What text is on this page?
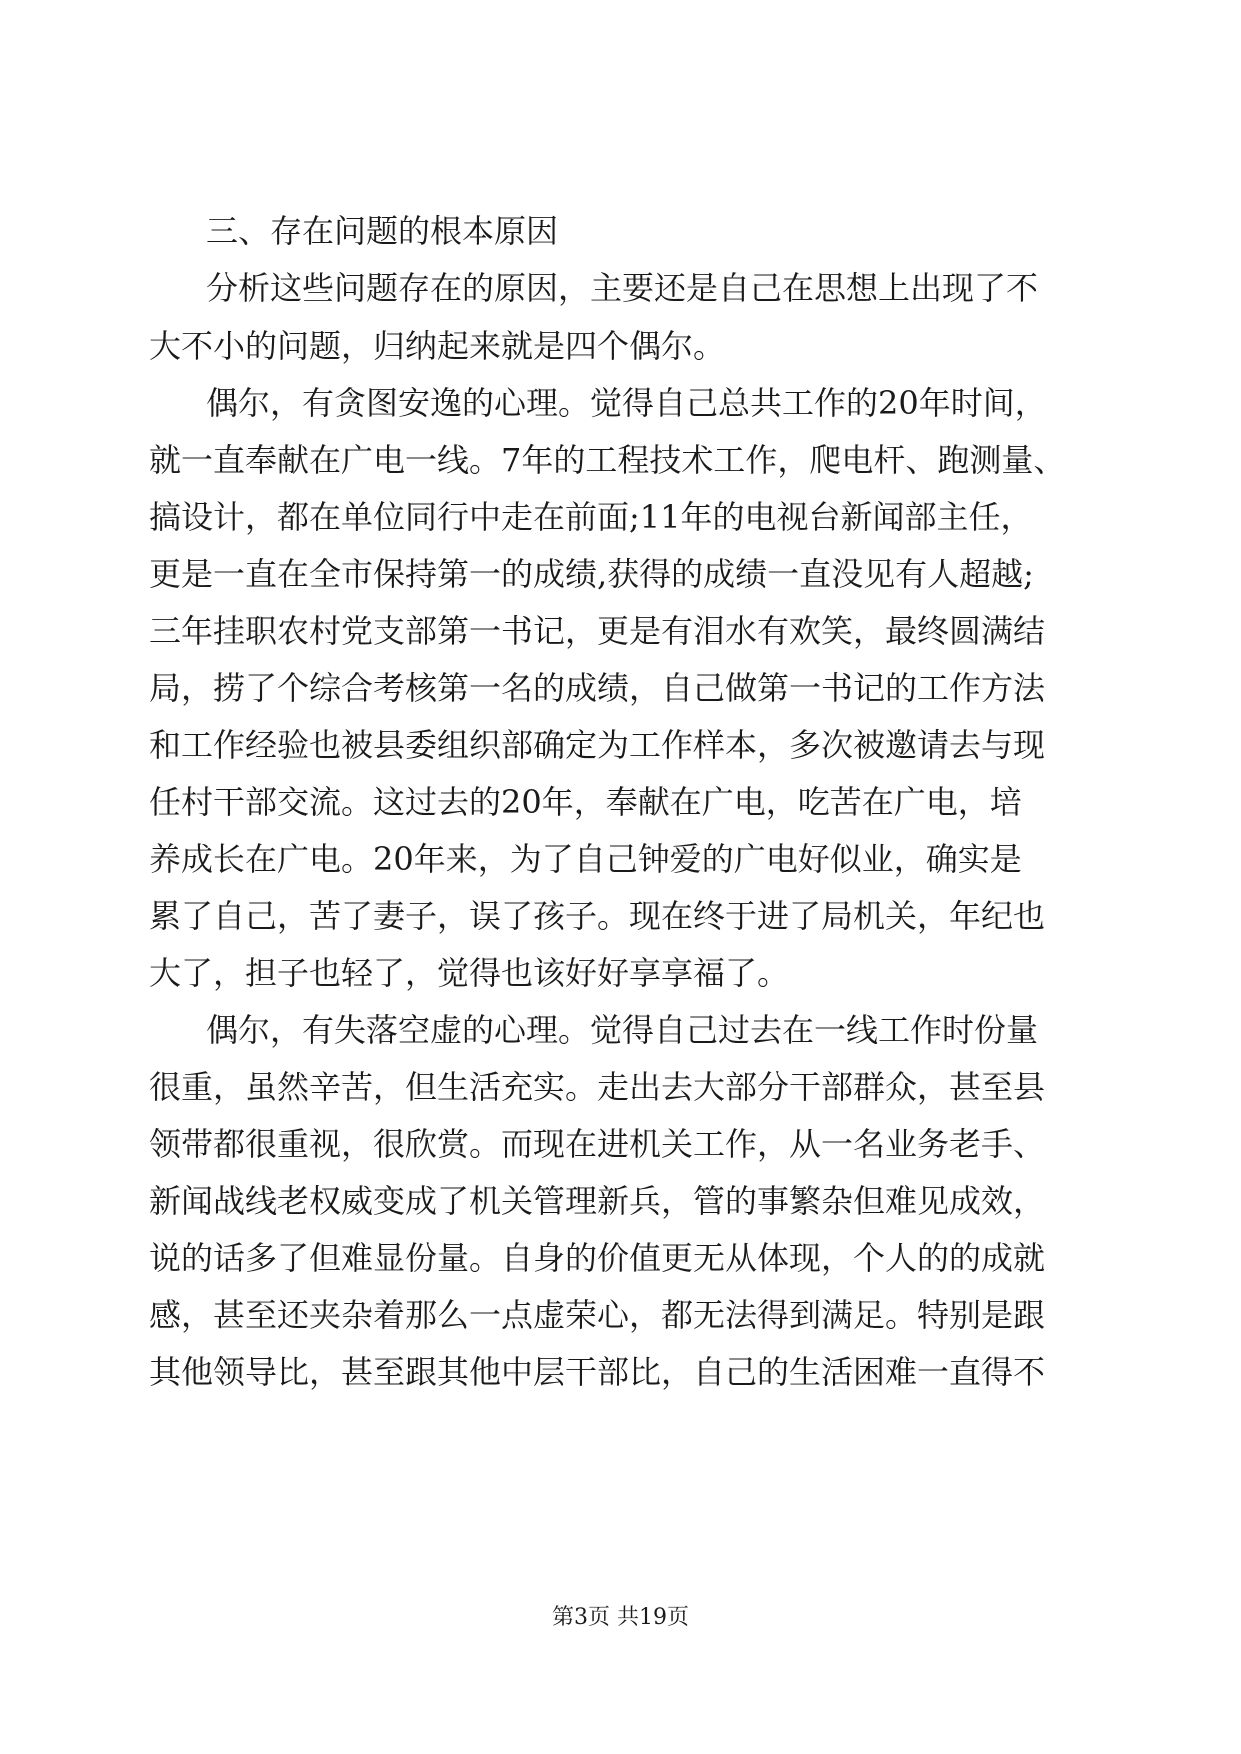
三、存在问题的根本原因

分析这些问题存在的原因，主要还是自己在思想上出现了不

大不小的问题，归纳起来就是四个偶尔。

偶尔，有贪图安逸的心理。觉得自己总共工作的20年时间，

就一直奉献在广电一线。7年的工程技术工作，爬电杆、跑测量、

搞设计，都在单位同行中走在前面;11年的电视台新闻部主任，

更是一直在全市保持第一的成绩,获得的成绩一直没见有人超越;

三年挂职农村党支部第一书记，更是有泪水有欢笑，最终圆满结

局，捞了个综合考核第一名的成绩，自己做第一书记的工作方法

和工作经验也被县委组织部确定为工作样本，多次被邀请去与现

任村干部交流。这过去的20年，奉献在广电，吃苦在广电，培

养成长在广电。20年来，为了自己钟爱的广电好似业，确实是

累了自己，苦了妻子，误了孩子。现在终于进了局机关，年纪也

大了，担子也轻了，觉得也该好好享享福了。

偶尔，有失落空虚的心理。觉得自己过去在一线工作时份量

很重，虽然辛苦，但生活充实。走出去大部分干部群众，甚至县

领带都很重视，很欣赏。而现在进机关工作，从一名业务老手、

新闻战线老权威变成了机关管理新兵，管的事繁杂但难见成效，

说的话多了但难显份量。自身的价值更无从体现，个人的的成就

感，甚至还夹杂着那么一点虚荣心，都无法得到满足。特别是跟

其他领导比，甚至跟其他中层干部比，自己的生活困难一直得不

第3页 共19页
